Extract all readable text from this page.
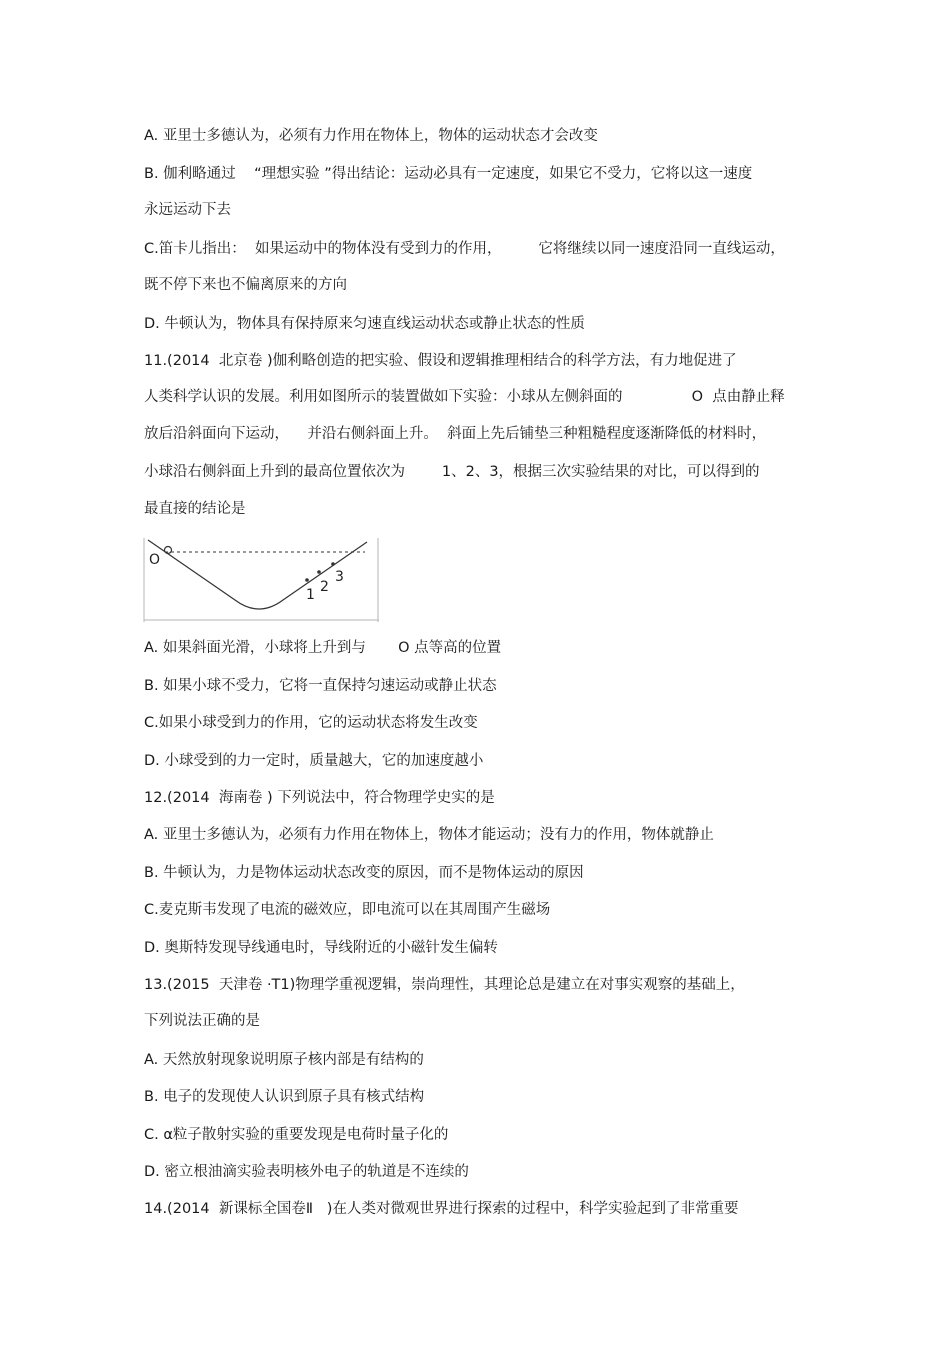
A. 亚里士多德认为，必须有力作用在物体上，物体的运动状态才会改变
B. 伽利略通过    “理想实验 ”得出结论：运动必具有一定速度，如果它不受力，它将以这一速度
永远运动下去
C.笛卡儿指出：  如果运动中的物体没有受到力的作用，        它将继续以同一速度沿同一直线运动，
既不停下来也不偏离原来的方向
D. 牛顿认为，物体具有保持原来匀速直线运动状态或静止状态的性质
11.(2014  北京卷 )伽利略创造的把实验、假设和逻辑推理相结合的科学方法，有力地促进了
人类科学认识的发展。利用如图所示的装置做如下实验：小球从左侧斜面的               O  点由静止释
放后沿斜面向下运动，    并沿右侧斜面上升。  斜面上先后铺垫三种粗糙程度逐渐降低的材料时，
小球沿右侧斜面上升到的最高位置依次为        1、2、3，根据三次实验结果的对比，可以得到的
最直接的结论是
O
1 2
3
A. 如果斜面光滑，小球将上升到与       O 点等高的位置
B. 如果小球不受力，它将一直保持匀速运动或静止状态
C.如果小球受到力的作用，它的运动状态将发生改变
D. 小球受到的力一定时，质量越大，它的加速度越小
12.(2014  海南卷 ) 下列说法中，符合物理学史实的是
A. 亚里士多德认为，必须有力作用在物体上，物体才能运动；没有力的作用，物体就静止
B. 牛顿认为，力是物体运动状态改变的原因，而不是物体运动的原因
C.麦克斯韦发现了电流的磁效应，即电流可以在其周围产生磁场
D. 奥斯特发现导线通电时，导线附近的小磁针发生偏转
13.(2015  天津卷 ·T1)物理学重视逻辑，崇尚理性，其理论总是建立在对事实观察的基础上，
下列说法正确的是
A. 天然放射现象说明原子核内部是有结构的
B. 电子的发现使人认识到原子具有核式结构
C. α粒子散射实验的重要发现是电荷时量子化的
D. 密立根油滴实验表明核外电子的轨道是不连续的
14.(2014  新课标全国卷Ⅱ   )在人类对微观世界进行探索的过程中，科学实验起到了非常重要
